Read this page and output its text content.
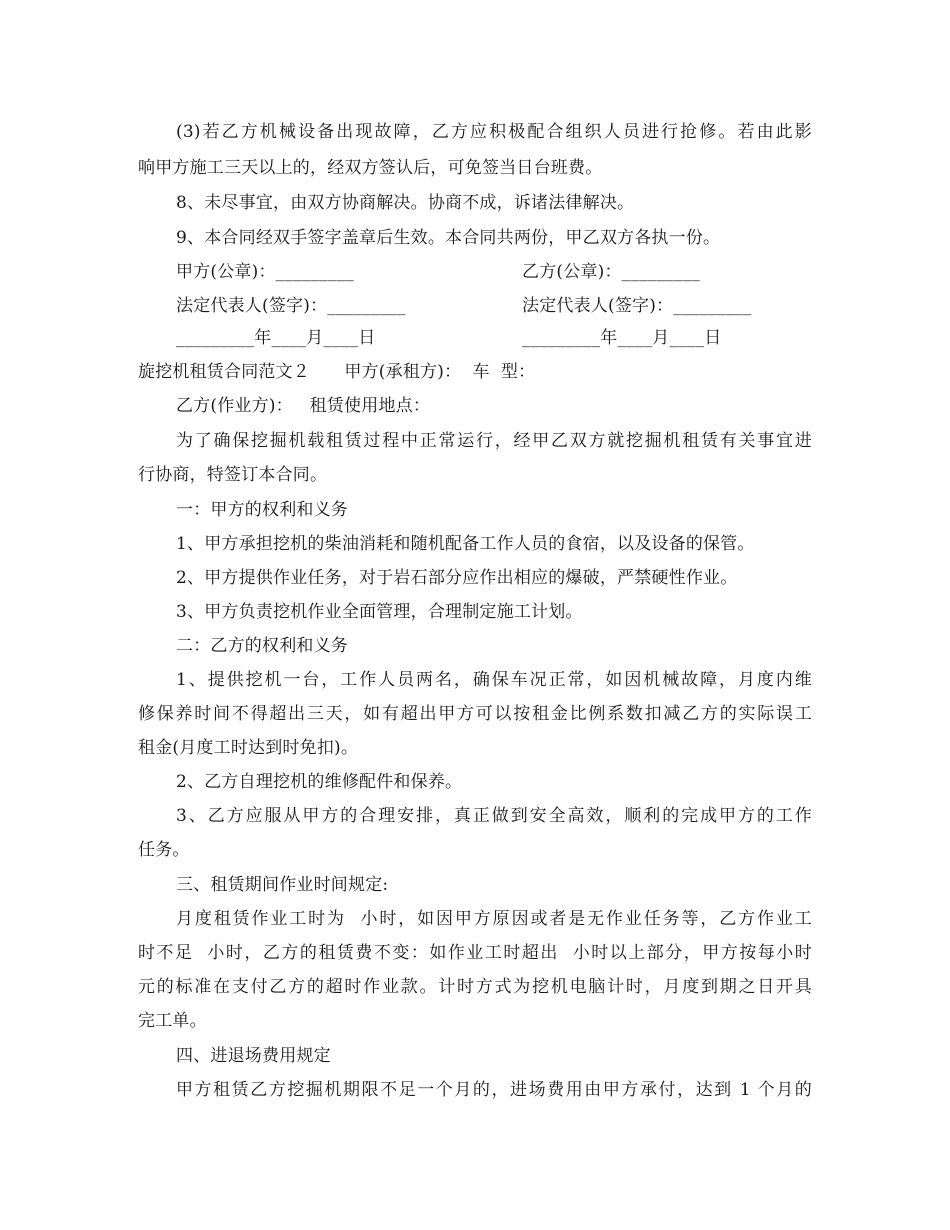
(3)若乙方机械设备出现故障，乙方应积极配合组织人员进行抢修。若由此影
响甲方施工三天以上的，经双方签认后，可免签当日台班费。
8、未尽事宜，由双方协商解决。协商不成，诉诸法律解决。
9、本合同经双手签字盖章后生效。本合同共两份，甲乙双方各执一份。
甲方(公章)：_________	乙方(公章)：_________
法定代表人(签字)：_________	法定代表人(签字)：_________
_________年____月____日	_________年____月____日
旋挖机租赁合同范文２　　甲方(承租方)：  车  型：
乙方(作业方)：   租赁使用地点：
为了确保挖掘机载租赁过程中正常运行，经甲乙双方就挖掘机租赁有关事宜进
行协商，特签订本合同。
一：甲方的权利和义务
1、甲方承担挖机的柴油消耗和随机配备工作人员的食宿，以及设备的保管。
2、甲方提供作业任务，对于岩石部分应作出相应的爆破，严禁硬性作业。
3、甲方负责挖机作业全面管理，合理制定施工计划。
二：乙方的权利和义务
1、提供挖机一台，工作人员两名，确保车况正常，如因机械故障，月度内维
修保养时间不得超出三天，如有超出甲方可以按租金比例系数扣减乙方的实际误工
租金(月度工时达到时免扣)。
2、乙方自理挖机的维修配件和保养。
3、乙方应服从甲方的合理安排，真正做到安全高效，顺利的完成甲方的工作
任务。
三、租赁期间作业时间规定:
月度租赁作业工时为  小时，如因甲方原因或者是无作业任务等，乙方作业工
时不足  小时，乙方的租赁费不变：如作业工时超出  小时以上部分，甲方按每小时
元的标准在支付乙方的超时作业款。计时方式为挖机电脑计时，月度到期之日开具
完工单。
四、进退场费用规定
甲方租赁乙方挖掘机期限不足一个月的，进场费用由甲方承付，达到 1 个月的
